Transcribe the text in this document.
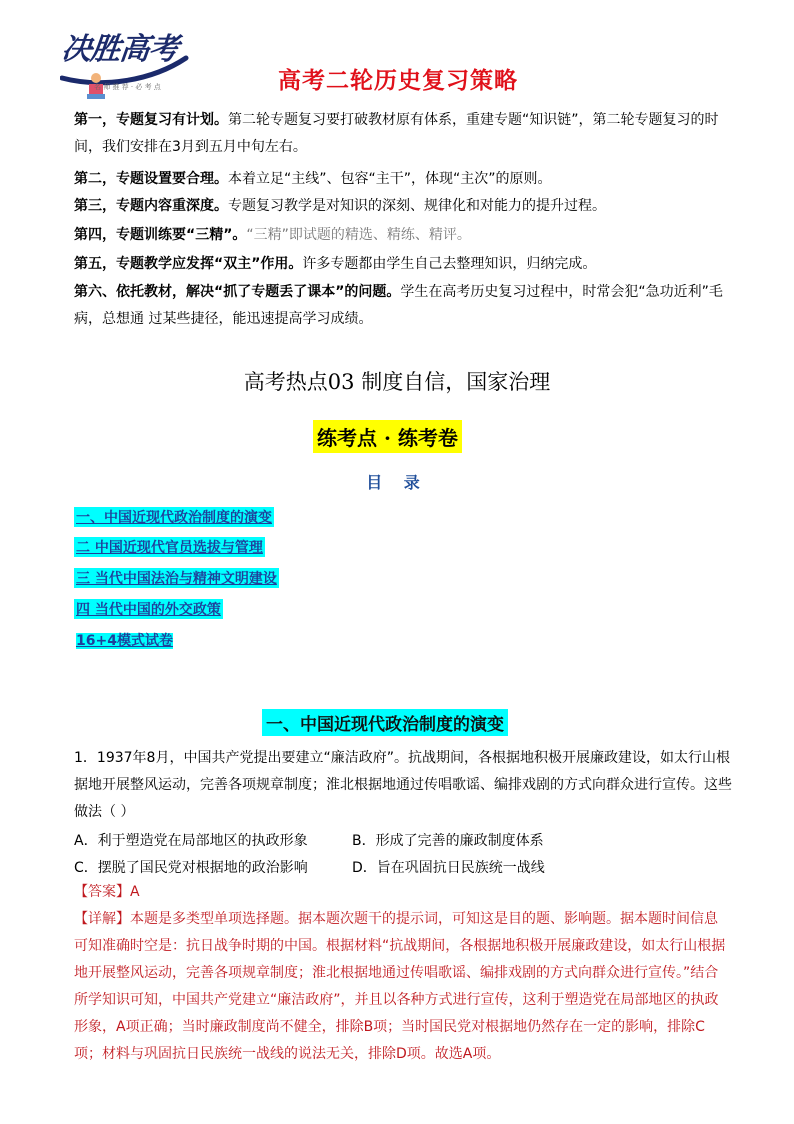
决胜高考
名 师 推 荐 · 必 考 点	高考二轮历史复习策略
第一，专题复习有计划。第二轮专题复习要打破教材原有体系，重建专题“知识链”，第二轮专题复习的时间，我们安排在3月到五月中旬左右。
第二，专题设置要合理。本着立足“主线”、包容“主干”，体现“主次”的原则。
第三，专题内容重深度。专题复习教学是对知识的深刻、规律化和对能力的提升过程。
第四，专题训练要“三精”。“三精”即试题的精选、精练、精评。
第五，专题教学应发挥“双主”作用。许多专题都由学生自己去整理知识，归纳完成。
第六、依托教材，解决“抓了专题丢了课本”的问题。学生在高考历史复习过程中，时常会犯“急功近利”毛病，总想通 过某些捷径，能迅速提高学习成绩。
高考热点03 制度自信，国家治理
练考点 · 练考卷
目 录
一、中国近现代政治制度的演变
二 中国近现代官员选拔与管理
三 当代中国法治与精神文明建设
四 当代中国的外交政策
16+4模式试卷
一、中国近现代政治制度的演变
1．1937年8月，中国共产党提出要建立“廉洁政府”。抗战期间，各根据地积极开展廉政建设，如太行山根据地开展整风运动，完善各项规章制度；淮北根据地通过传唱歌谣、编排戏剧的方式向群众进行宣传。这些做法（ ）
A．利于塑造党在局部地区的执政形象	B．形成了完善的廉政制度体系
C．摆脱了国民党对根据地的政治影响	D．旨在巩固抗日民族统一战线
【答案】A
【详解】本题是多类型单项选择题。据本题次题干的提示词，可知这是目的题、影响题。据本题时间信息可知准确时空是：抗日战争时期的中国。根据材料“抗战期间，各根据地积极开展廉政建设，如太行山根据地开展整风运动，完善各项规章制度；淮北根据地通过传唱歌谣、编排戏剧的方式向群众进行宣传。”结合所学知识可知，中国共产党建立“廉洁政府”，并且以各种方式进行宣传，这利于塑造党在局部地区的执政形象，A项正确；当时廉政制度尚不健全，排除B项；当时国民党对根据地仍然存在一定的影响，排除C项；材料与巩固抗日民族统一战线的说法无关，排除D项。故选A项。
